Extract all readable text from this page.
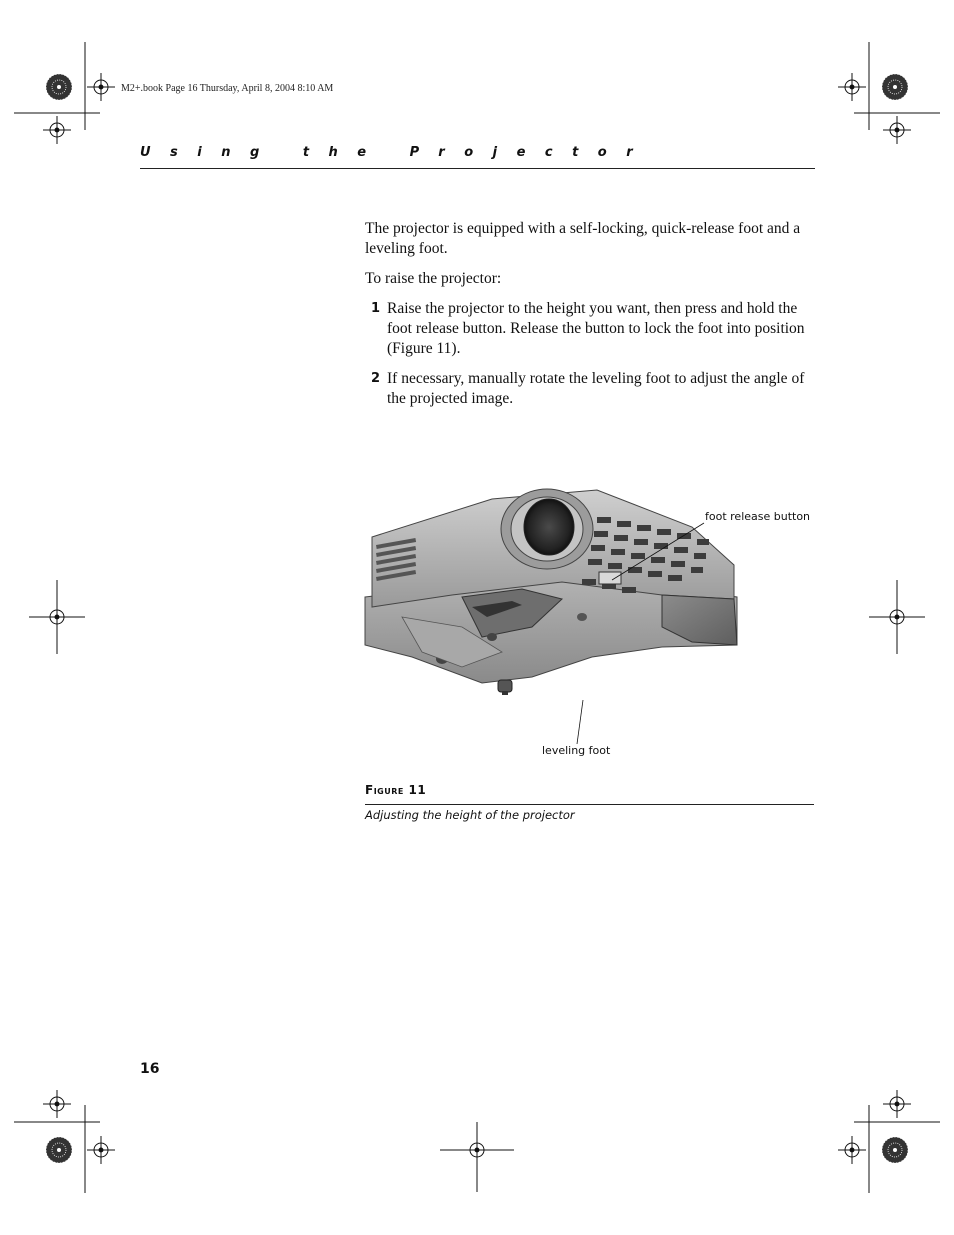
M2+.book Page 16 Thursday, April 8, 2004 8:10 AM
Using the Projector
The projector is equipped with a self-locking, quick-release foot and a leveling foot.
To raise the projector:
1 Raise the projector to the height you want, then press and hold the foot release button. Release the button to lock the foot into position (Figure 11).
2 If necessary, manually rotate the leveling foot to adjust the angle of the projected image.
foot release button
leveling foot
Figure 11
Adjusting the height of the projector
16
